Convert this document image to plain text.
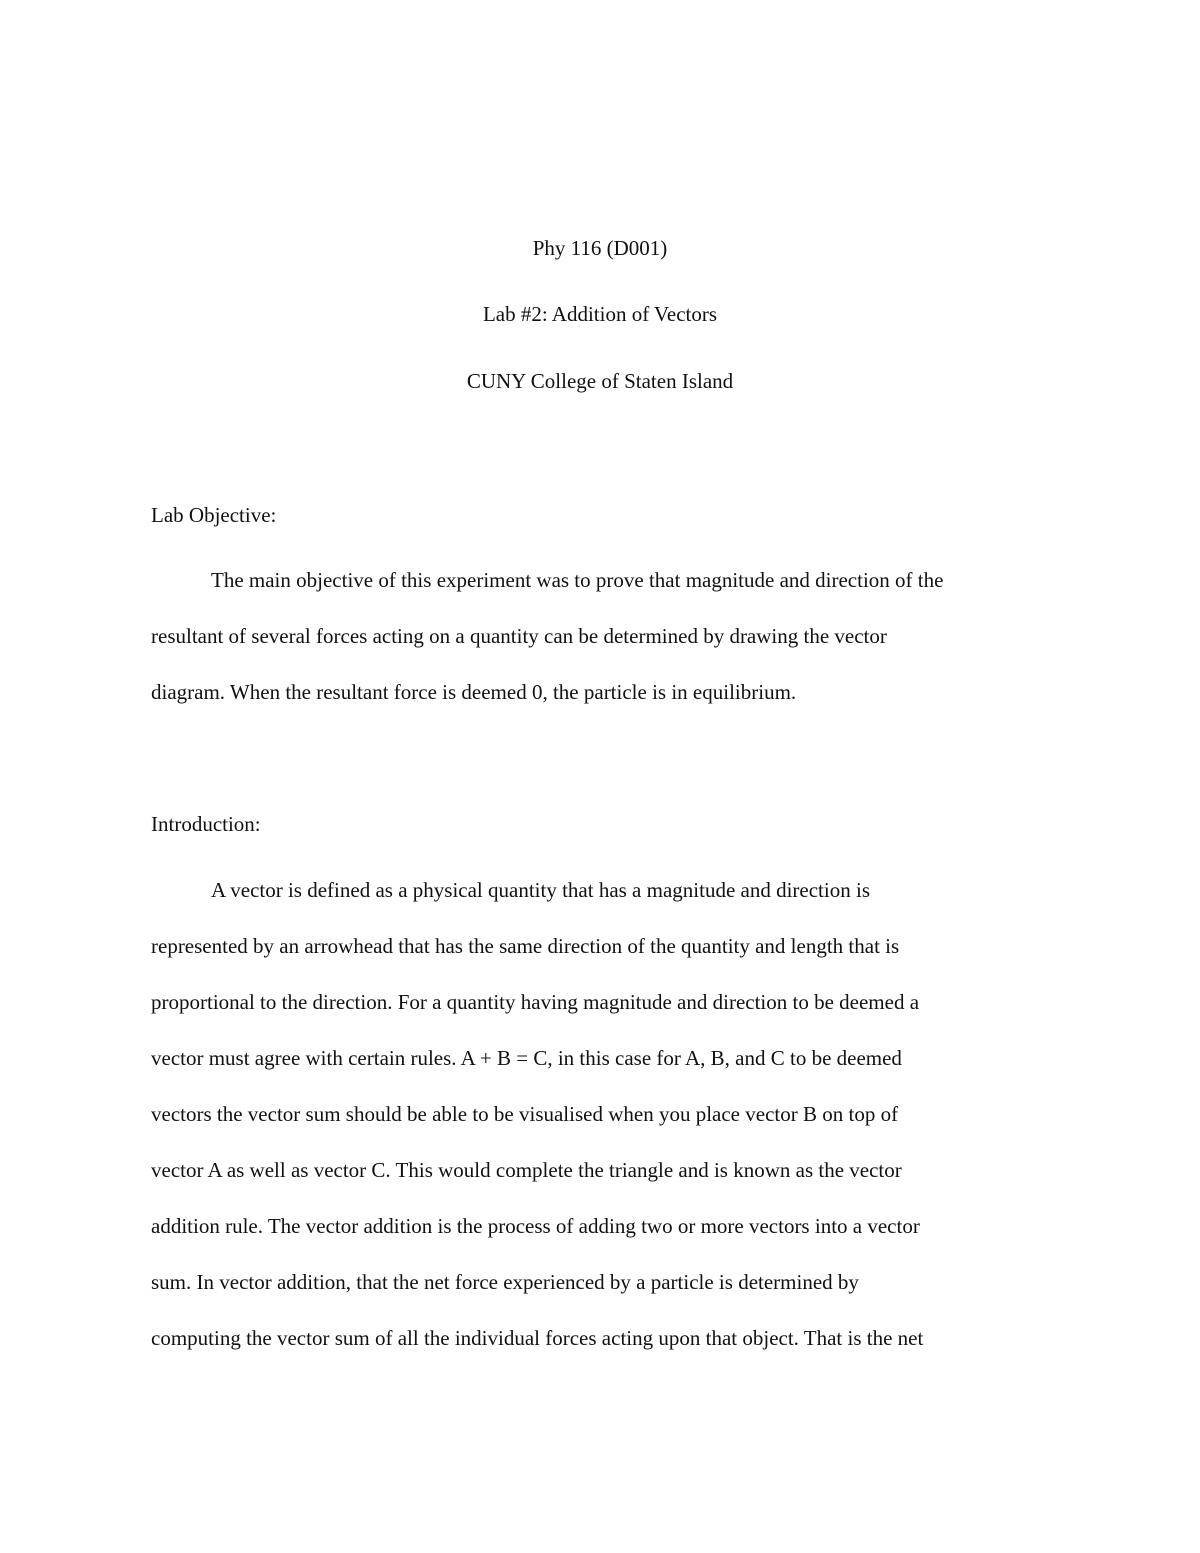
Phy 116 (D001)
Lab #2: Addition of Vectors
CUNY College of Staten Island
Lab Objective:
The main objective of this experiment was to prove that magnitude and direction of the
resultant of several forces acting on a quantity can be determined by drawing the vector
diagram. When the resultant force is deemed 0, the particle is in equilibrium.
Introduction:
A vector is defined as a physical quantity that has a magnitude and direction is
represented by an arrowhead that has the same direction of the quantity and length that is
proportional to the direction. For a quantity having magnitude and direction to be deemed a
vector must agree with certain rules. A + B = C, in this case for A, B, and C to be deemed
vectors the vector sum should be able to be visualised when you place vector B on top of
vector A as well as vector C. This would complete the triangle and is known as the vector
addition rule. The vector addition is the process of adding two or more vectors into a vector
sum. In vector addition, that the net force experienced by a particle is determined by
computing the vector sum of all the individual forces acting upon that object. That is the net
